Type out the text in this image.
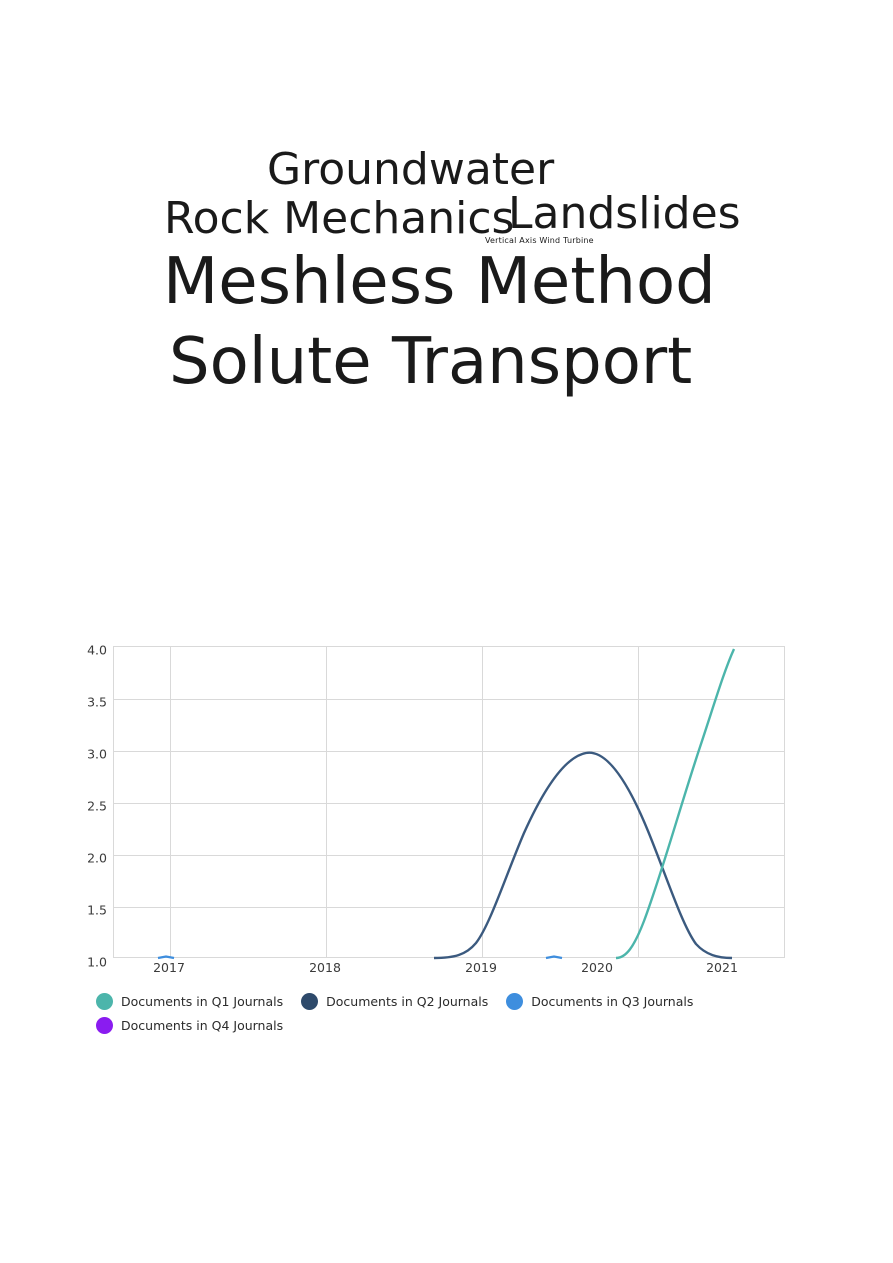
Groundwater
Rock Mechanics
Landslides
Vertical Axis Wind Turbine
Meshless Method
Solute Transport
1.0
1.5
2.0
2.5
3.0
3.5
4.0
2017	2018	2019	2020	2021
Documents in Q1 Journals	Documents in Q2 Journals	Documents in Q3 Journals
Documents in Q4 Journals
